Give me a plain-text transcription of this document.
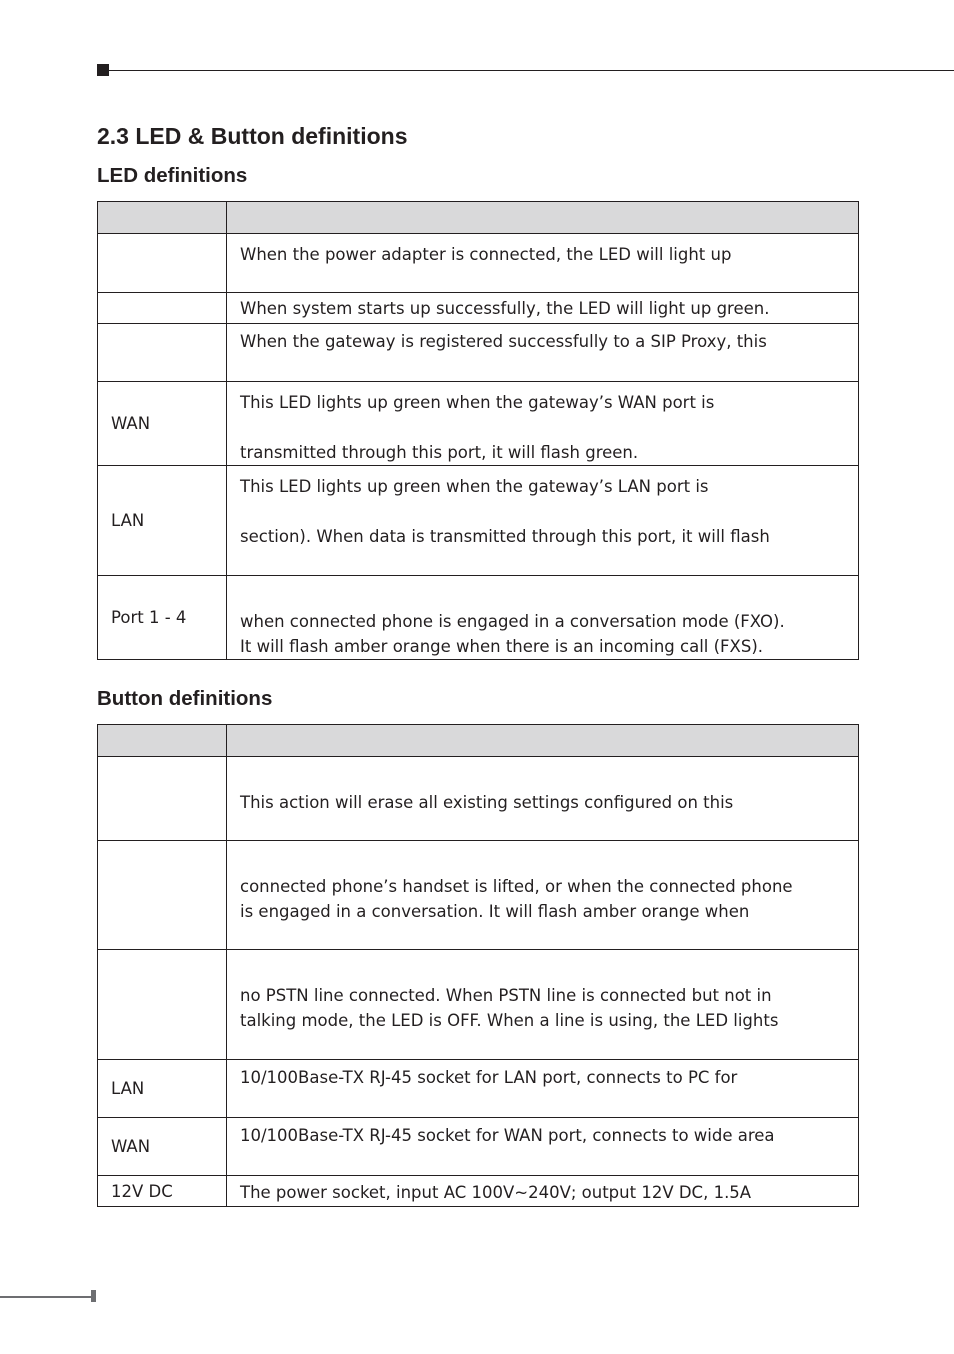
2.3 LED & Button definitions
LED definitions

	When the power adapter is connected, the LED will light up

	When system starts up successfully, the LED will light up green.

	When the gateway is registered successfully to a SIP Proxy, this

WAN	This LED lights up green when the gateway’s WAN port is
transmitted through this port, it will flash green.

LAN	This LED lights up green when the gateway’s LAN port is
section). When data is transmitted through this port, it will flash

Port 1 - 4	when connected phone is engaged in a conversation mode (FXO).
It will flash amber orange when there is an incoming call (FXS).
Button definitions

	This action will erase all existing settings configured on this

	connected phone’s handset is lifted, or when the connected phone
is engaged in a conversation. It will flash amber orange when

	no PSTN line connected. When PSTN line is connected but not in
talking mode, the LED is OFF. When a line is using, the LED lights

LAN	10/100Base-TX RJ-45 socket for LAN port, connects to PC for

WAN	10/100Base-TX RJ-45 socket for WAN port, connects to wide area

12V DC	The power socket, input AC 100V~240V; output 12V DC, 1.5A
